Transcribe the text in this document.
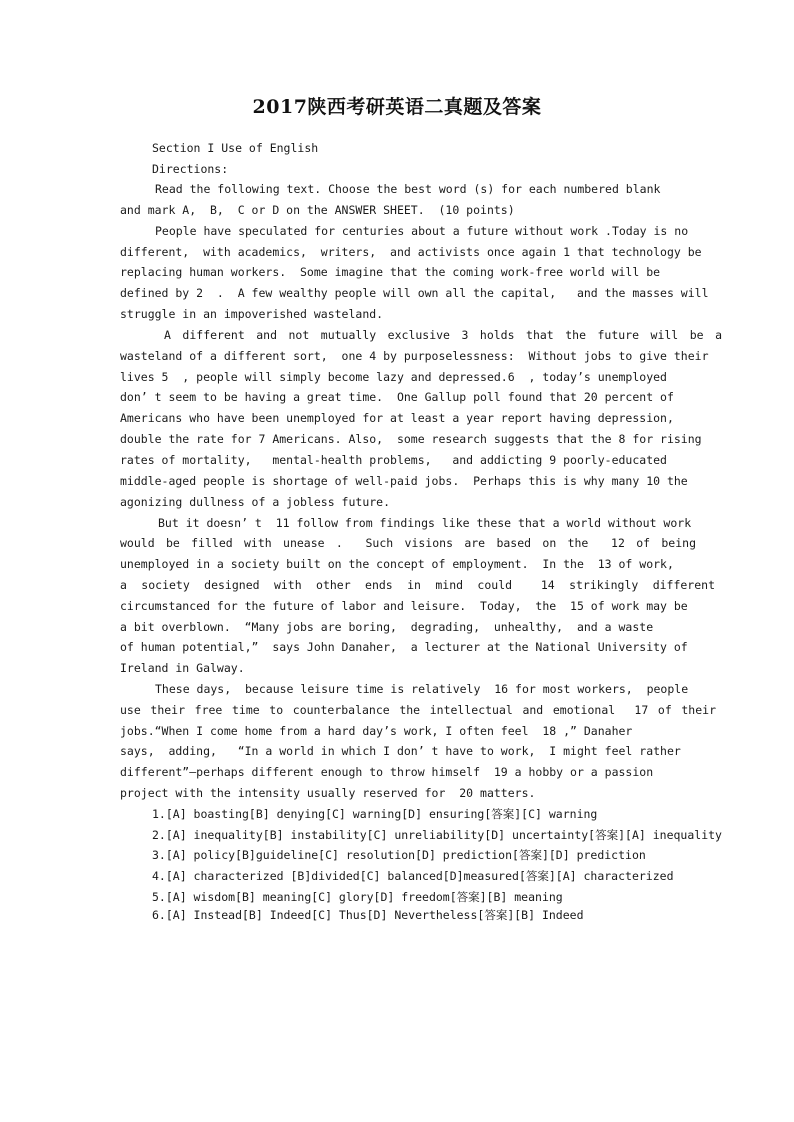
2017陕西考研英语二真题及答案
Section I Use of English
Directions:
Read the following text. Choose the best word (s) for each numbered blank
and mark A,  B,  C or D on the ANSWER SHEET.  (10 points)
People have speculated for centuries about a future without work .Today is no
different,  with academics,  writers,  and activists once again 1 that technology be
replacing human workers.  Some imagine that the coming work-free world will be
defined by 2  .  A few wealthy people will own all the capital,   and the masses will
struggle in an impoverished wasteland.
A different and not mutually exclusive 3 holds that the future will be a
wasteland of a different sort,  one 4 by purposelessness:  Without jobs to give their
lives 5  , people will simply become lazy and depressed.6  , today’s unemployed
don’ t seem to be having a great time.  One Gallup poll found that 20 percent of
Americans who have been unemployed for at least a year report having depression,
double the rate for 7 Americans. Also,  some research suggests that the 8 for rising
rates of mortality,   mental-health problems,   and addicting 9 poorly-educated
middle-aged people is shortage of well-paid jobs.  Perhaps this is why many 10 the
agonizing dullness of a jobless future.
But it doesn’ t  11 follow from findings like these that a world without work
would be filled with unease .  Such visions are based on the  12 of being
unemployed in a society built on the concept of employment.  In the  13 of work,
a society designed with other ends in mind could  14 strikingly different
circumstanced for the future of labor and leisure.  Today,  the  15 of work may be
a bit overblown.  “Many jobs are boring,  degrading,  unhealthy,  and a waste
of human potential,”  says John Danaher,  a lecturer at the National University of
Ireland in Galway.
These days,  because leisure time is relatively  16 for most workers,  people
use their free time to counterbalance the intellectual and emotional  17 of their
jobs.“When I come home from a hard day’s work, I often feel  18 ,” Danaher
says,  adding,   “In a world in which I don’ t have to work,  I might feel rather
different”—perhaps different enough to throw himself  19 a hobby or a passion
project with the intensity usually reserved for  20 matters.
1.[A] boasting[B] denying[C] warning[D] ensuring[答案][C] warning
2.[A] inequality[B] instability[C] unreliability[D] uncertainty[答案][A] inequality
3.[A] policy[B]guideline[C] resolution[D] prediction[答案][D] prediction
4.[A] characterized [B]divided[C] balanced[D]measured[答案][A] characterized
5.[A] wisdom[B] meaning[C] glory[D] freedom[答案][B] meaning
6.[A] Instead[B] Indeed[C] Thus[D] Nevertheless[答案][B] Indeed
